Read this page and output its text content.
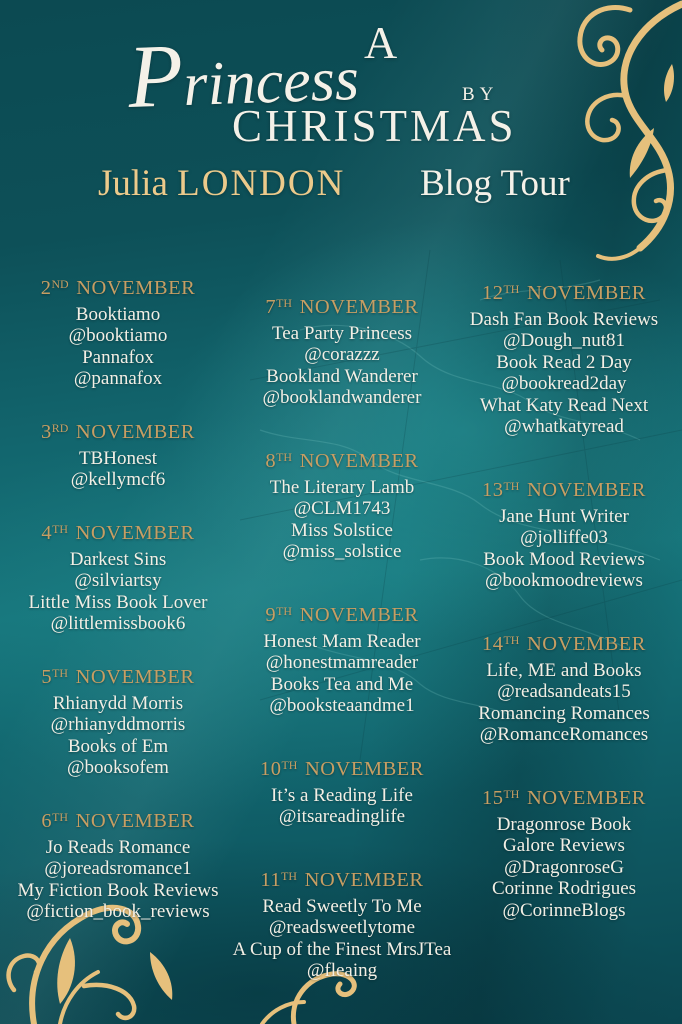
A
Princess	BY
CHRISTMAS
Julia LONDON Blog Tour
2ND NOVEMBER
Booktiamo
@booktiamo
Pannafox
@pannafox
3RD NOVEMBER
TBHonest
@kellymcf6
4TH NOVEMBER
Darkest Sins
@silviartsy
Little Miss Book Lover
@littlemissbook6
5TH NOVEMBER
Rhianydd Morris
@rhianyddmorris
Books of Em
@booksofem
6TH NOVEMBER
Jo Reads Romance
@joreadsromance1
My Fiction Book Reviews
@fiction_book_reviews
7TH NOVEMBER
Tea Party Princess
@corazzz
Bookland Wanderer
@booklandwanderer
8TH NOVEMBER
The Literary Lamb
@CLM1743
Miss Solstice
@miss_solstice
9TH NOVEMBER
Honest Mam Reader
@honestmamreader
Books Tea and Me
@booksteaandme1
10TH NOVEMBER
It’s a Reading Life
@itsareadinglife
11TH NOVEMBER
Read Sweetly To Me
@readsweetlytome
A Cup of the Finest MrsJTea
@fleaing
12TH NOVEMBER
Dash Fan Book Reviews
@Dough_nut81
Book Read 2 Day
@bookread2day
What Katy Read Next
@whatkatyread
13TH NOVEMBER
Jane Hunt Writer
@jolliffe03
Book Mood Reviews
@bookmoodreviews
14TH NOVEMBER
Life, ME and Books
@readsandeats15
Romancing Romances
@RomanceRomances
15TH NOVEMBER
Dragonrose Book
Galore Reviews
@DragonroseG
Corinne Rodrigues
@CorinneBlogs
